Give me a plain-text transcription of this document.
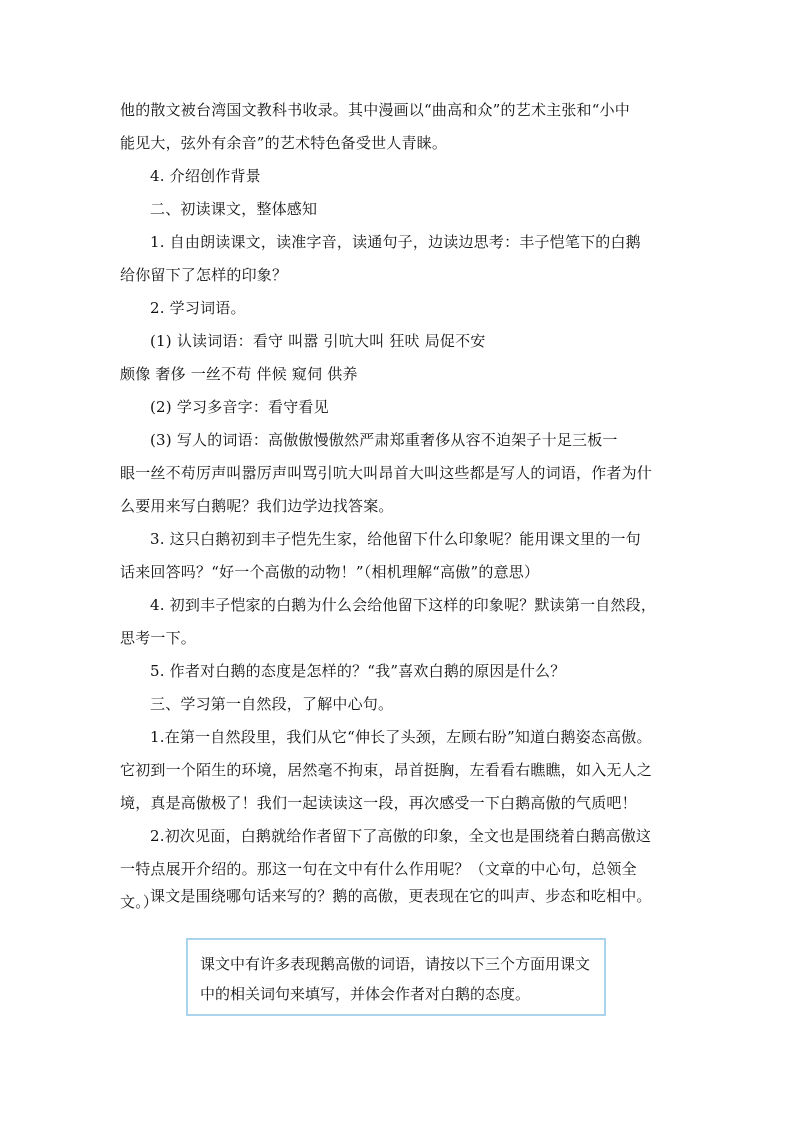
他的散文被台湾国文教科书收录。其中漫画以“曲高和众”的艺术主张和“小中
能见大，弦外有余音”的艺术特色备受世人青睐。
4. 介绍创作背景
二、初读课文，整体感知
1. 自由朗读课文，读准字音，读通句子，边读边思考：丰子恺笔下的白鹅
给你留下了怎样的印象？
2. 学习词语。
(1) 认读词语：看守 叫嚣 引吭大叫 狂吠 局促不安
颇像 奢侈 一丝不苟 伴候 窥伺 供养
(2) 学习多音字：看守看见
(3) 写人的词语：高傲傲慢傲然严肃郑重奢侈从容不迫架子十足三板一
眼一丝不苟厉声叫嚣厉声叫骂引吭大叫昂首大叫这些都是写人的词语，作者为什
么要用来写白鹅呢？我们边学边找答案。
3. 这只白鹅初到丰子恺先生家，给他留下什么印象呢？能用课文里的一句
话来回答吗？“好一个高傲的动物！”（相机理解“高傲”的意思）
4. 初到丰子恺家的白鹅为什么会给他留下这样的印象呢？默读第一自然段，
思考一下。
5. 作者对白鹅的态度是怎样的？“我”喜欢白鹅的原因是什么？
三、学习第一自然段，了解中心句。
1.在第一自然段里，我们从它“伸长了头颈，左顾右盼”知道白鹅姿态高傲。
它初到一个陌生的环境，居然毫不拘束，昂首挺胸，左看看右瞧瞧，如入无人之
境，真是高傲极了！我们一起读读这一段，再次感受一下白鹅高傲的气质吧！
2.初次见面，白鹅就给作者留下了高傲的印象，全文也是围绕着白鹅高傲这
一特点展开介绍的。那这一句在文中有什么作用呢？（文章的中心句，总领全
文。）
课文是围绕哪句话来写的？鹅的高傲，更表现在它的叫声、步态和吃相中。
课文中有许多表现鹅高傲的词语，请按以下三个方面用课文
中的相关词句来填写，并体会作者对白鹅的态度。
